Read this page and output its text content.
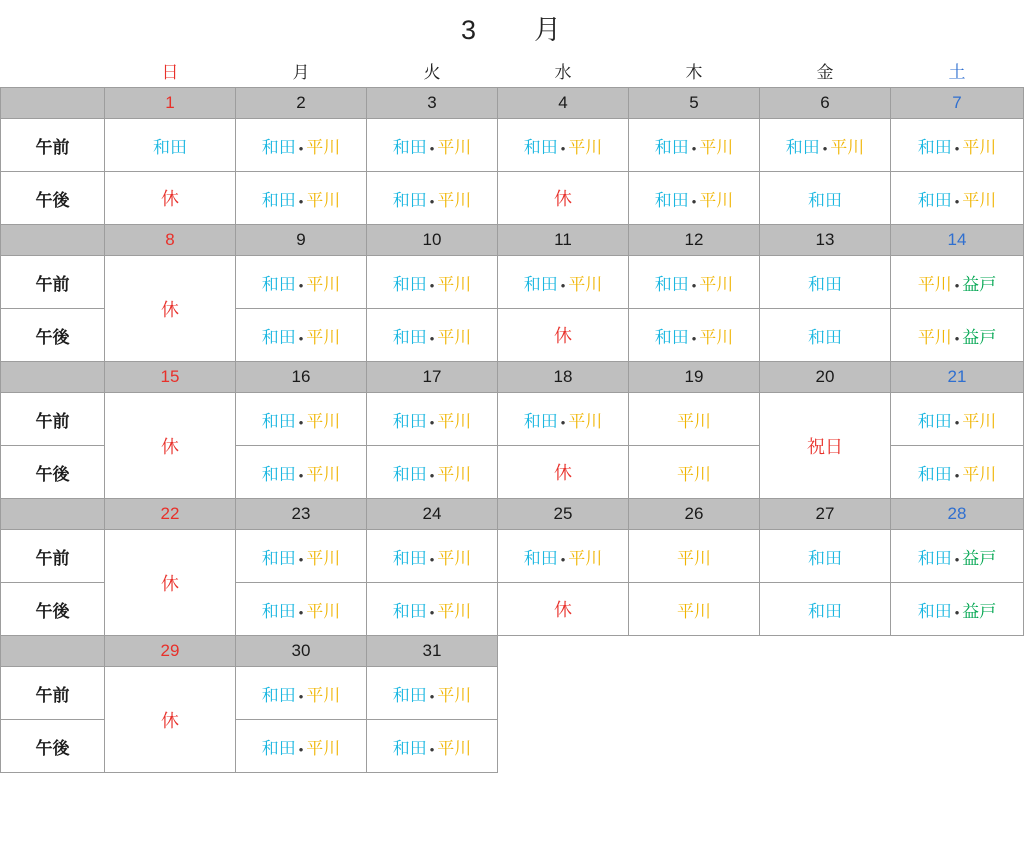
3 月
	日	月	火	水	木	金	土
	1	2	3	4	5	6	7
午前	和田	和田 • 平川	和田 • 平川	和田 • 平川	和田 • 平川	和田 • 平川	和田 • 平川
午後	休	和田 • 平川	和田 • 平川	休	和田 • 平川	和田	和田 • 平川
	8	9	10	11	12	13	14
午前	休	和田 • 平川	和田 • 平川	和田 • 平川	和田 • 平川	和田	平川 • 益戸
午後		和田 • 平川	和田 • 平川	休	和田 • 平川	和田	平川 • 益戸
	15	16	17	18	19	20	21
午前	休	和田 • 平川	和田 • 平川	和田 • 平川	平川	祝日	和田 • 平川
午後		和田 • 平川	和田 • 平川	休	平川		和田 • 平川
	22	23	24	25	26	27	28
午前	休	和田 • 平川	和田 • 平川	和田 • 平川	平川	和田	和田 • 益戸
午後		和田 • 平川	和田 • 平川	休	平川	和田	和田 • 益戸
	29	30	31				
午前	休	和田 • 平川	和田 • 平川				
午後		和田 • 平川	和田 • 平川				
